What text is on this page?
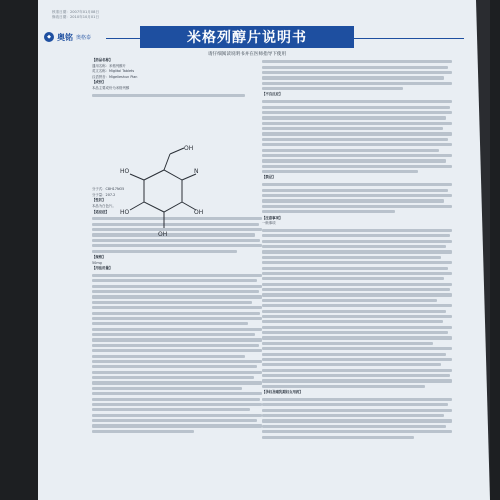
核准日期：2007年01月08日
修改日期：2010年10月01日
◆ 奥铭 奥格泰	米格列醇片说明书
请仔细阅读说明书并在医师指导下使用
【药品名称】
通用名称：米格列醇片
英文名称：Miglitol Tablets
汉语拼音：Migelieshun Pian
【成份】
本品主要成份为米格列醇
分子式：C8H17NO5
分子量：207.2
【性状】
本品为白色片。
【适应症】
【规格】
50mg
【用法用量】
OH
N
HO
HO
OH
OH
【不良反应】
【禁忌】
【注意事项】
一般事项
【孕妇及哺乳期妇女用药】
